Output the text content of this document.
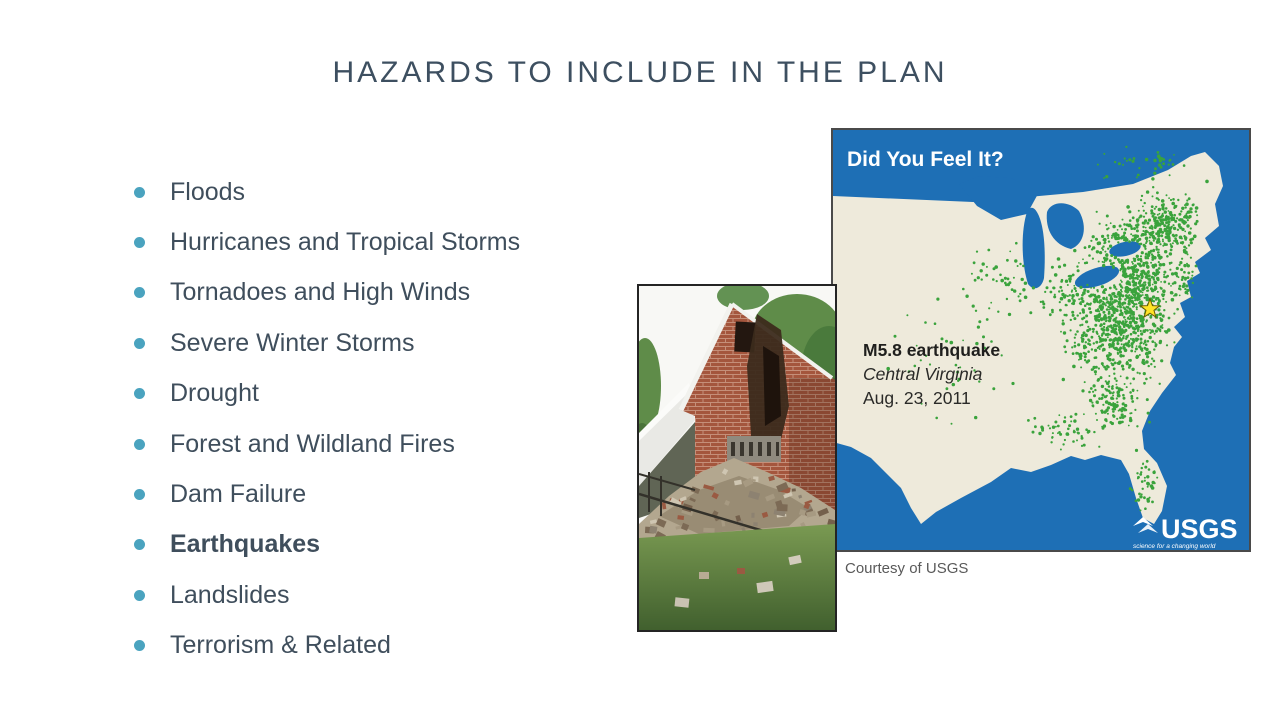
HAZARDS TO INCLUDE IN THE PLAN
Floods
Hurricanes and Tropical Storms
Tornadoes and High Winds
Severe Winter Storms
Drought
Forest and Wildland Fires
Dam Failure
Earthquakes
Landslides
Terrorism & Related
Did You Feel It?
M5.8 earthquake
Central Virginia
Aug. 23, 2011
USGS
science for a changing world
Courtesy of USGS
